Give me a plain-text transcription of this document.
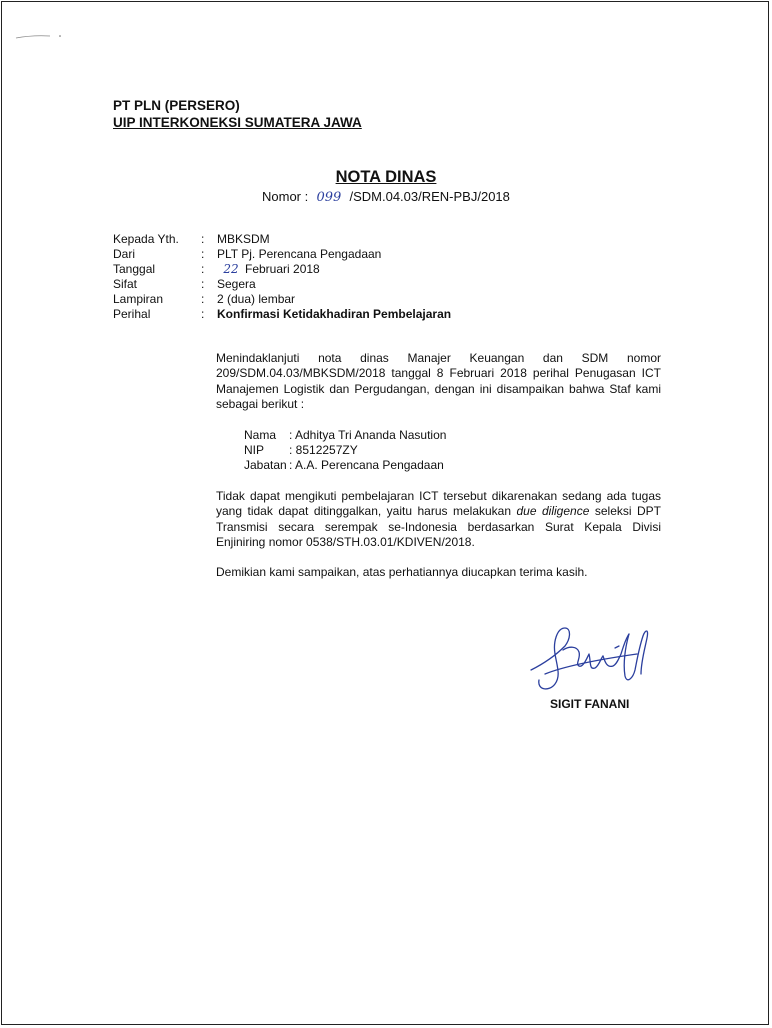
PT PLN (PERSERO)
UIP INTERKONEKSI SUMATERA JAWA
NOTA DINAS
Nomor : 099 /SDM.04.03/REN-PBJ/2018
Kepada Yth.	:	MBKSDM
Dari	:	PLT Pj. Perencana Pengadaan
Tanggal	:	22 Februari 2018
Sifat	:	Segera
Lampiran	:	2 (dua) lembar
Perihal	:	Konfirmasi Ketidakhadiran Pembelajaran

Menindaklanjuti nota dinas Manajer Keuangan dan SDM nomor 209/SDM.04.03/MBKSDM/2018 tanggal 8 Februari 2018 perihal Penugasan ICT Manajemen Logistik dan Pergudangan, dengan ini disampaikan bahwa Staf kami sebagai berikut :

Nama	: Adhitya Tri Ananda Nasution
NIP	: 8512257ZY
Jabatan : A.A. Perencana Pengadaan

Tidak dapat mengikuti pembelajaran ICT tersebut dikarenakan sedang ada tugas yang tidak dapat ditinggalkan, yaitu harus melakukan due diligence seleksi DPT Transmisi secara serempak se-Indonesia berdasarkan Surat Kepala Divisi Enjiniring nomor 0538/STH.03.01/KDIVEN/2018.

Demikian kami sampaikan, atas perhatiannya diucapkan terima kasih.

SIGIT FANANI
